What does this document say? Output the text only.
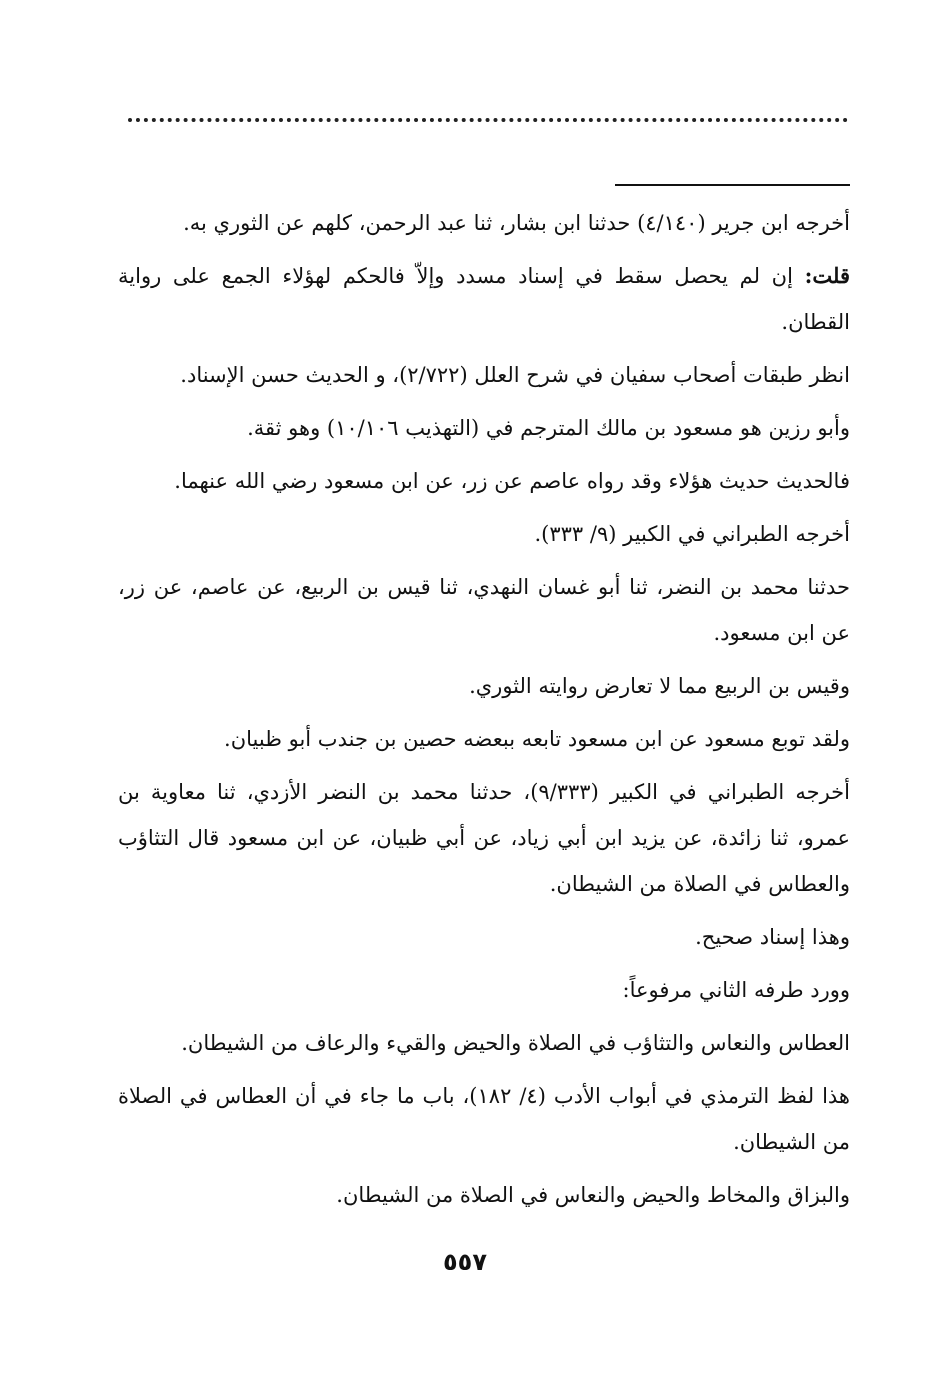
أخرجه ابن جرير (٤/١٤٠) حدثنا ابن بشار، ثنا عبد الرحمن، كلهم عن الثوري به.

قلت: إن لم يحصل سقط في إسناد مسدد وإلاّ فالحكم لهؤلاء الجمع على رواية القطان.

انظر طبقات أصحاب سفيان في شرح العلل (٢/٧٢٢)، و الحديث حسن الإسناد.

وأبو رزين هو مسعود بن مالك المترجم في (التهذيب ١٠/١٠٦) وهو ثقة.

فالحديث حديث هؤلاء وقد رواه عاصم عن زر، عن ابن مسعود رضي الله عنهما.

أخرجه الطبراني في الكبير (٩/ ٣٣٣).

حدثنا محمد بن النضر، ثنا أبو غسان النهدي، ثنا قيس بن الربيع، عن عاصم، عن زر، عن ابن مسعود.

وقيس بن الربيع مما لا تعارض روايته الثوري.

ولقد توبع مسعود عن ابن مسعود تابعه ببعضه حصين بن جندب أبو ظبيان.

أخرجه الطبراني في الكبير (٩/٣٣٣)، حدثنا محمد بن النضر الأزدي، ثنا معاوية بن عمرو، ثنا زائدة، عن يزيد ابن أبي زياد، عن أبي ظبيان، عن ابن مسعود قال التثاؤب والعطاس في الصلاة من الشيطان.

وهذا إسناد صحيح.

وورد طرفه الثاني مرفوعاً:

العطاس والنعاس والتثاؤب في الصلاة والحيض والقيء والرعاف من الشيطان.

هذا لفظ الترمذي في أبواب الأدب (٤/ ١٨٢)، باب ما جاء في أن العطاس في الصلاة من الشيطان.

والبزاق والمخاط والحيض والنعاس في الصلاة من الشيطان.

٥٥٧
